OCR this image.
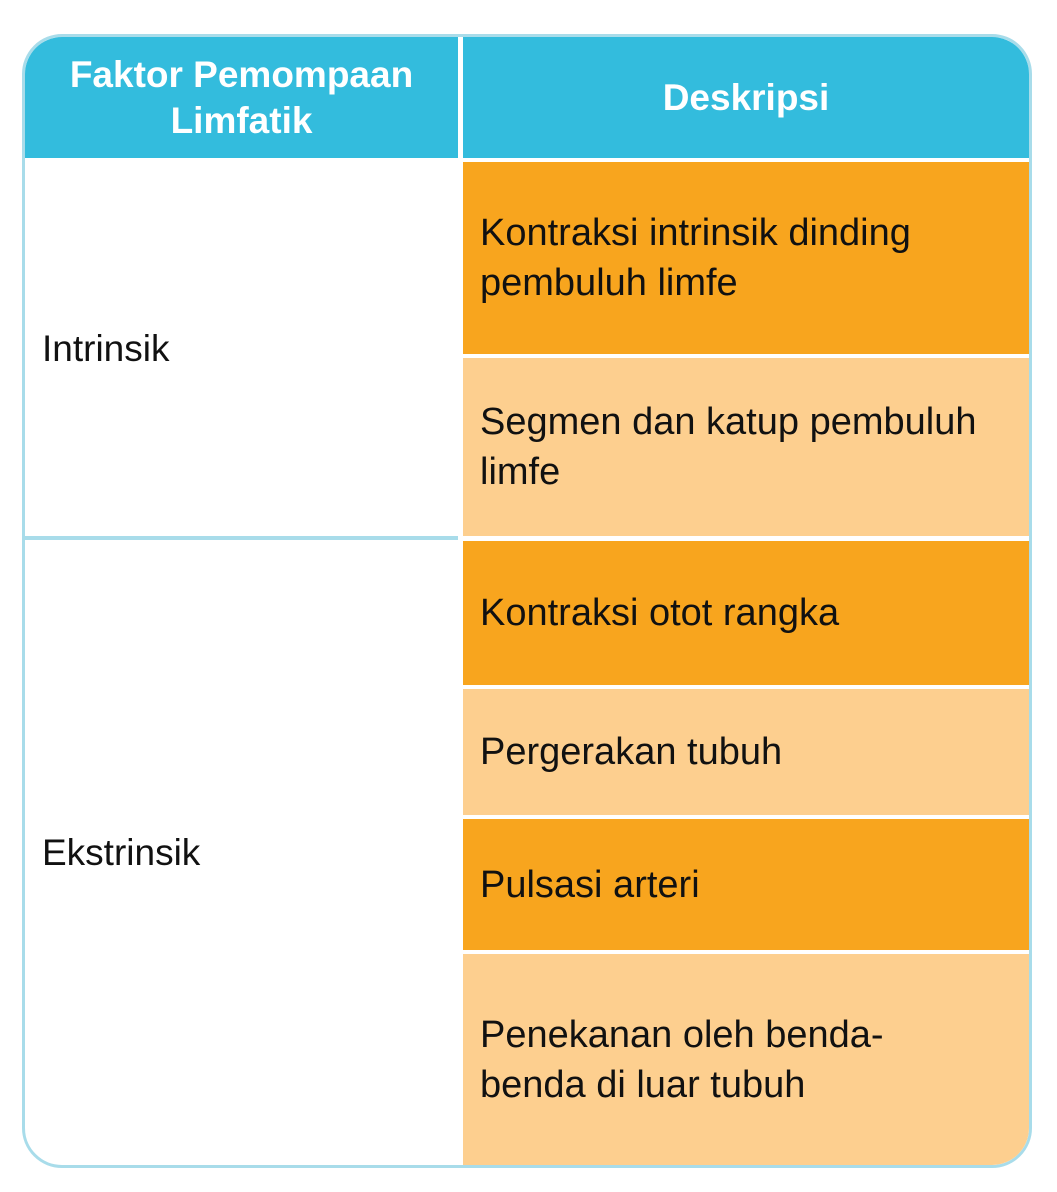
Faktor Pemompaan Limfatik
Deskripsi
Intrinsik
Ekstrinsik
Kontraksi intrinsik dinding pembuluh limfe
Segmen dan katup pembuluh limfe
Kontraksi otot rangka
Pergerakan tubuh
Pulsasi arteri
Penekanan oleh benda-benda di luar tubuh
